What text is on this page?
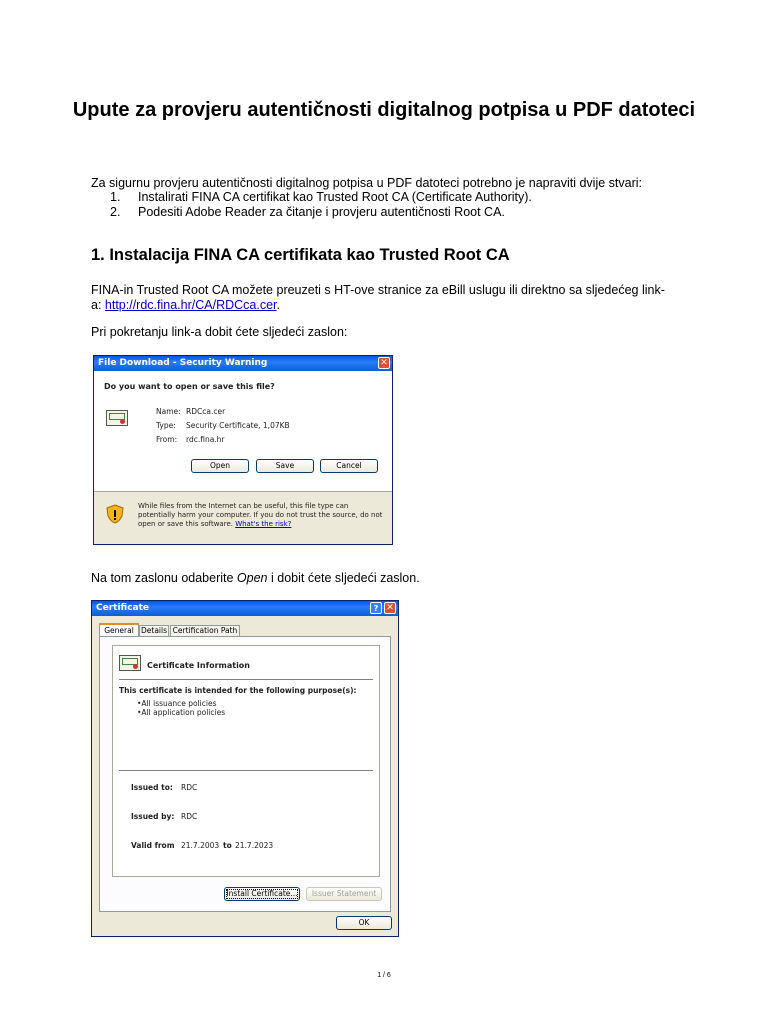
Upute za provjeru autentičnosti digitalnog potpisa u PDF datoteci
Za sigurnu provjeru autentičnosti digitalnog potpisa u PDF datoteci potrebno je napraviti dvije stvari:
1. Instalirati FINA CA certifikat kao Trusted Root CA (Certificate Authority).
2. Podesiti Adobe Reader za čitanje i provjeru autentičnosti Root CA.
1. Instalacija FINA CA certifikata kao Trusted Root CA
FINA-in Trusted Root CA možete preuzeti s HT-ove stranice za eBill uslugu ili direktno sa sljedećeg link-a: http://rdc.fina.hr/CA/RDCca.cer.
Pri pokretanju link-a dobit ćete sljedeći zaslon:
File Download - Security Warning	✕
Do you want to open or save this file?
Name: RDCca.cer
Type: Security Certificate, 1,07KB
From: rdc.fina.hr
Open	Save	Cancel
While files from the Internet can be useful, this file type can potentially harm your computer. If you do not trust the source, do not open or save this software. What's the risk?
Na tom zaslonu odaberite Open i dobit ćete sljedeći zaslon.
Certificate	? ✕
General Details Certification Path
Certificate Information
This certificate is intended for the following purpose(s):
•All issuance policies
•All application policies
Issued to: RDC
Issued by: RDC
Valid from 21.7.2003 to 21.7.2023
Install Certificate...	Issuer Statement
OK
1 / 6
